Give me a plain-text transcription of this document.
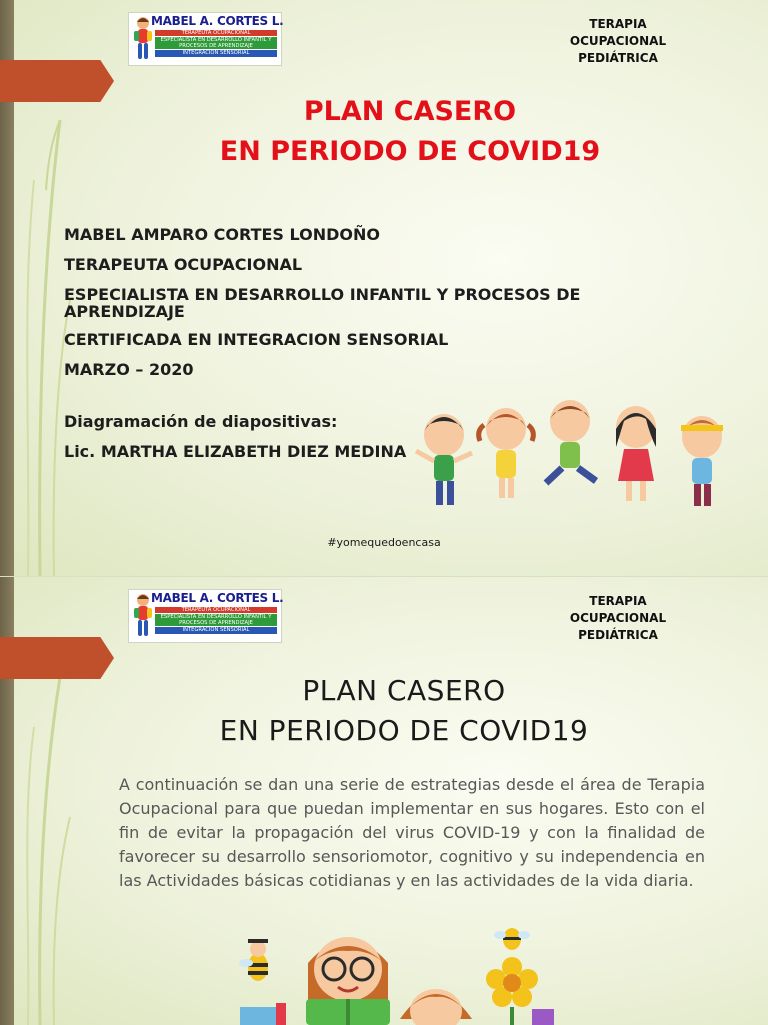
MABEL A. CORTES L.
TERAPEUTA OCUPACIONAL
ESPECIALISTA EN DESARROLLO INFANTIL Y PROCESOS DE APRENDIZAJE
INTEGRACION SENSORIAL
TERAPIA
OCUPACIONAL
PEDIÁTRICA
PLAN CASERO
EN PERIODO DE COVID19
MABEL AMPARO CORTES LONDOÑO
TERAPEUTA OCUPACIONAL
ESPECIALISTA EN DESARROLLO INFANTIL Y PROCESOS DE APRENDIZAJE
CERTIFICADA EN INTEGRACION SENSORIAL
MARZO – 2020
Diagramación de diapositivas:
Lic. MARTHA ELIZABETH DIEZ MEDINA
#yomequedoencasa
MABEL A. CORTES L.
TERAPEUTA OCUPACIONAL
ESPECIALISTA EN DESARROLLO INFANTIL Y PROCESOS DE APRENDIZAJE
INTEGRACION SENSORIAL
TERAPIA
OCUPACIONAL
PEDIÁTRICA
PLAN CASERO
EN PERIODO DE COVID19

A continuación se dan una serie de estrategias desde el área de Terapia Ocupacional para que puedan implementar en sus hogares. Esto con el fin de evitar la propagación del virus COVID-19 y con la finalidad de favorecer su desarrollo sensoriomotor, cognitivo y su independencia en las Actividades básicas cotidianas y en las actividades de la vida diaria.
